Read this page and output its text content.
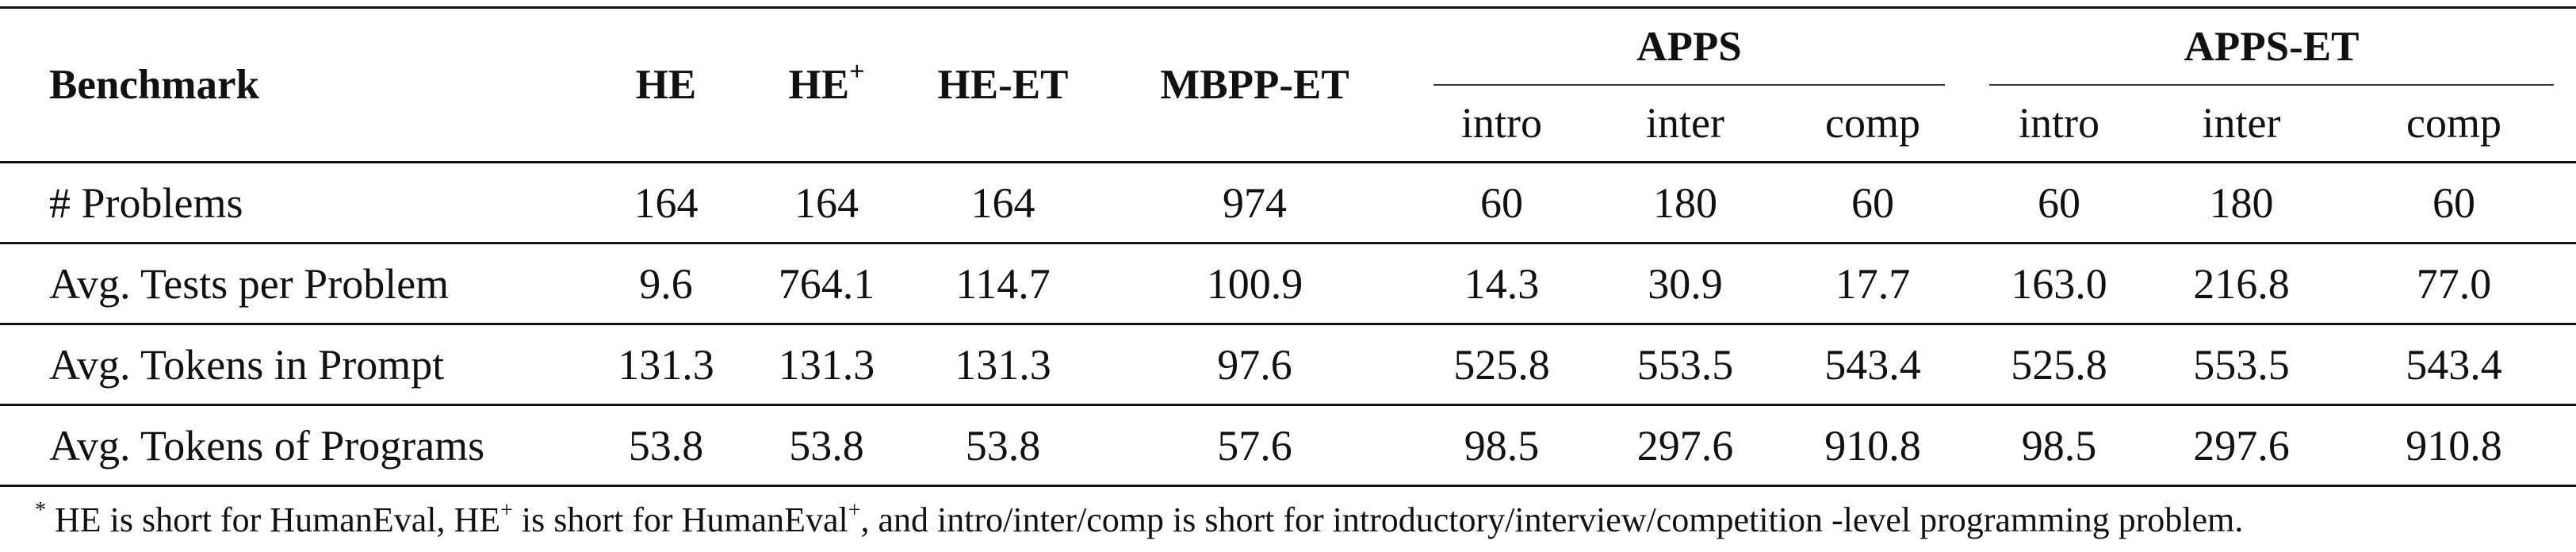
Benchmark	HE	HE+	HE-ET	MBPP-ET	APPS			APPS-ET		

					intro	inter	comp	intro	inter	comp
# Problems	164	164	164	974	60	180	60	60	180	60
Avg. Tests per Problem	9.6	764.1	114.7	100.9	14.3	30.9	17.7	163.0	216.8	77.0
Avg. Tokens in Prompt	131.3	131.3	131.3	97.6	525.8	553.5	543.4	525.8	553.5	543.4
Avg. Tokens of Programs	53.8	53.8	53.8	57.6	98.5	297.6	910.8	98.5	297.6	910.8
* HE is short for HumanEval, HE+ is short for HumanEval+, and intro/inter/comp is short for introductory/interview/competition -level programming problem.
